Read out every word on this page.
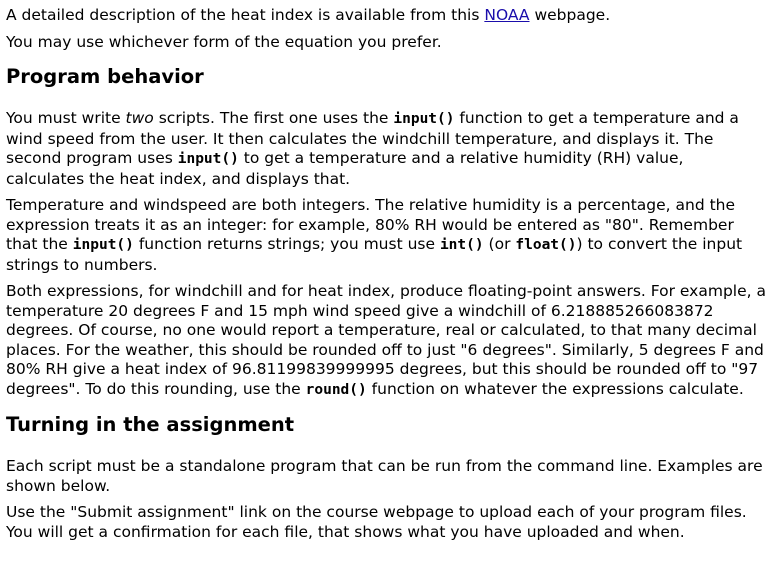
A detailed description of the heat index is available from this NOAA webpage.

You may use whichever form of the equation you prefer.

Program behavior

You must write two scripts. The first one uses the input() function to get a temperature and a wind speed from the user. It then calculates the windchill temperature, and displays it. The second program uses input() to get a temperature and a relative humidity (RH) value, calculates the heat index, and displays that.

Temperature and windspeed are both integers. The relative humidity is a percentage, and the expression treats it as an integer: for example, 80% RH would be entered as "80". Remember that the input() function returns strings; you must use int() (or float()) to convert the input strings to numbers.

Both expressions, for windchill and for heat index, produce floating-point answers. For example, a temperature 20 degrees F and 15 mph wind speed give a windchill of 6.218885266083872 degrees. Of course, no one would report a temperature, real or calculated, to that many decimal places. For the weather, this should be rounded off to just "6 degrees". Similarly, 5 degrees F and 80% RH give a heat index of 96.81199839999995 degrees, but this should be rounded off to "97 degrees". To do this rounding, use the round() function on whatever the expressions calculate.

Turning in the assignment

Each script must be a standalone program that can be run from the command line. Examples are shown below.

Use the "Submit assignment" link on the course webpage to upload each of your program files. You will get a confirmation for each file, that shows what you have uploaded and when.
